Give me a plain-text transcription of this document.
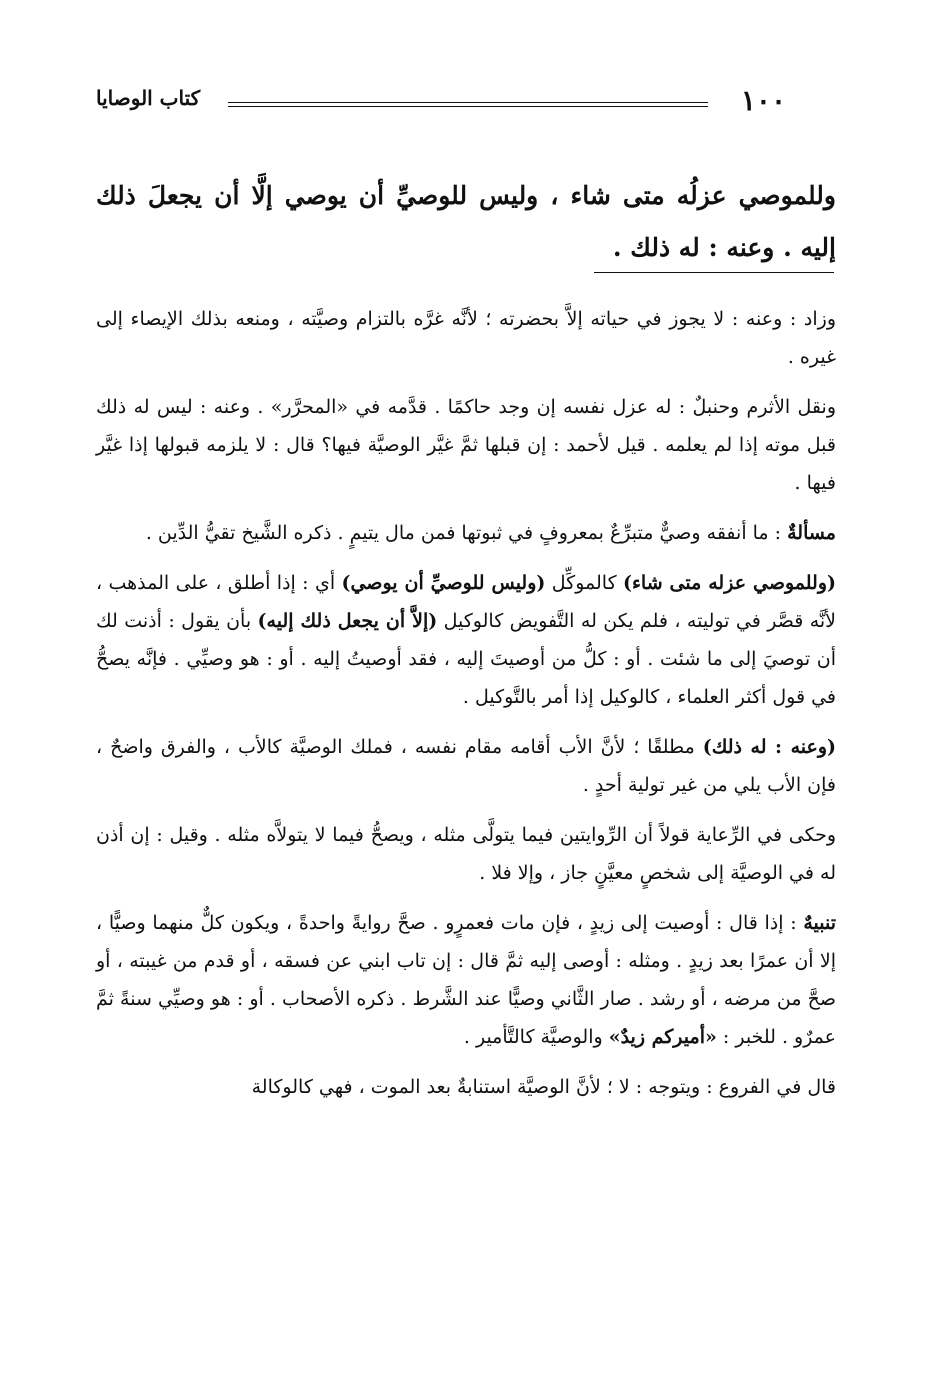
١٠٠
كتاب الوصايا
وللموصي عزلُه متى شاء ، وليس للوصيِّ أن يوصي إلَّا أن يجعلَ ذلك إليه . وعنه : له ذلك .

وزاد : وعنه : لا يجوز في حياته إلاَّ بحضرته ؛ لأنَّه غرَّه بالتزام وصيَّته ، ومنعه بذلك الإيصاء إلى غيره .

ونقل الأثرم وحنبلٌ : له عزل نفسه إن وجد حاكمًا . قدَّمه في «المحرَّر» . وعنه : ليس له ذلك قبل موته إذا لم يعلمه . قيل لأحمد : إن قبلها ثمَّ غيَّر الوصيَّة فيها؟ قال : لا يلزمه قبولها إذا غيَّر فيها .

مسألةٌ : ما أنفقه وصيٌّ متبرِّعٌ بمعروفٍ في ثبوتها فمن مال يتيمٍ . ذكره الشَّيخ تقيُّ الدِّين .

(وللموصي عزله متى شاء) كالموكِّل (وليس للوصيِّ أن يوصي) أي : إذا أطلق ، على المذهب ، لأنَّه قصَّر في توليته ، فلم يكن له التَّفويض كالوكيل (إلاَّ أن يجعل ذلك إليه) بأن يقول : أذنت لك أن توصيَ إلى ما شئت . أو : كلُّ من أوصيتَ إليه ، فقد أوصيتُ إليه . أو : هو وصيِّي . فإنَّه يصحُّ في قول أكثر العلماء ، كالوكيل إذا أمر بالتَّوكيل .

(وعنه : له ذلك) مطلقًا ؛ لأنَّ الأب أقامه مقام نفسه ، فملك الوصيَّة كالأب ، والفرق واضحٌ ، فإن الأب يلي من غير تولية أحدٍ .

وحكى في الرِّعاية قولاً أن الرِّوايتين فيما يتولَّى مثله ، ويصحُّ فيما لا يتولاَّه مثله . وقيل : إن أذن له في الوصيَّة إلى شخصٍ معيَّنٍ جاز ، وإلا فلا .

تنبيهٌ : إذا قال : أوصيت إلى زيدٍ ، فإن مات فعمرٍو . صحَّ روايةً واحدةً ، ويكون كلٌّ منهما وصيًّا ، إلا أن عمرًا بعد زيدٍ . ومثله : أوصى إليه ثمَّ قال : إن تاب ابني عن فسقه ، أو قدم من غيبته ، أو صحَّ من مرضه ، أو رشد . صار الثَّاني وصيًّا عند الشَّرط . ذكره الأصحاب . أو : هو وصيِّي سنةً ثمَّ عمرٌو . للخبر : «أميركم زيدٌ» والوصيَّة كالتَّأمير .

قال في الفروع : ويتوجه : لا ؛ لأنَّ الوصيَّة استنابةٌ بعد الموت ، فهي كالوكالة
